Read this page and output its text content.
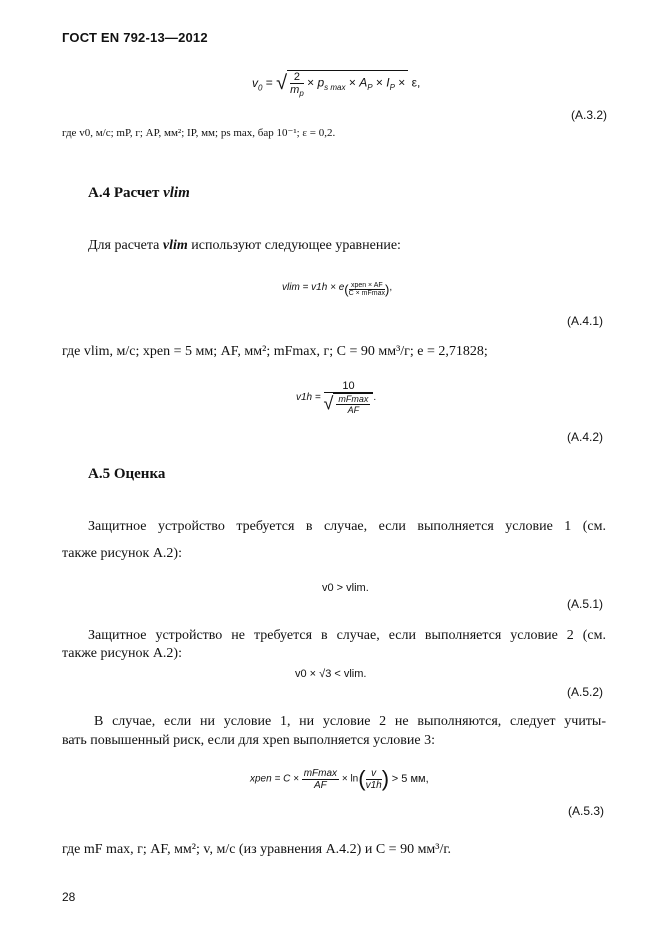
ГОСТ EN 792-13—2012
$v_0$ = √ $\frac{2}{m_p} \times p_{s max} \times A_P \times I_P \times \varepsilon$,
(А.3.2)
где v0, м/с; mP, г; AP, мм²; IP, мм; ps max, бар 10⁻¹; ε = 0,2.
А.4 Расчет vlim
Для расчета vlim используют следующее уравнение:
$vlim = v1h \times e( \frac{\text{xpen × AF}}{C \times mFmax}$ ),
(А.4.1)
где vlim, м/с; xpen = 5 мм; AF, мм²; mFmax, г; C = 90 мм³/г; e = 2,71828;
$v1h = \frac{10}{√ \frac{mFmax}{AF}}$ .
(А.4.2)
А.5 Оценка
Защитное устройство требуется в случае, если выполняется условие 1 (см.
также рисунок А.2):
v0 > vlim.
(А.5.1)
Защитное устройство не требуется в случае, если выполняется условие 2 (см.
также рисунок А.2):
v0 × √3 < vlim.
(А.5.2)
В случае, если ни условие 1, ни условие 2 не выполняются, следует учиты-
вать повышенный риск, если для xpen выполняется условие 3:
xpen = $C \times \frac{mFmax}{AF} \times \ln( \frac{v}{v1h}$ ) > 5 мм,
(А.5.3)
где mF max, г; AF, мм²; v, м/с (из уравнения А.4.2) и C = 90 мм³/г.
28
